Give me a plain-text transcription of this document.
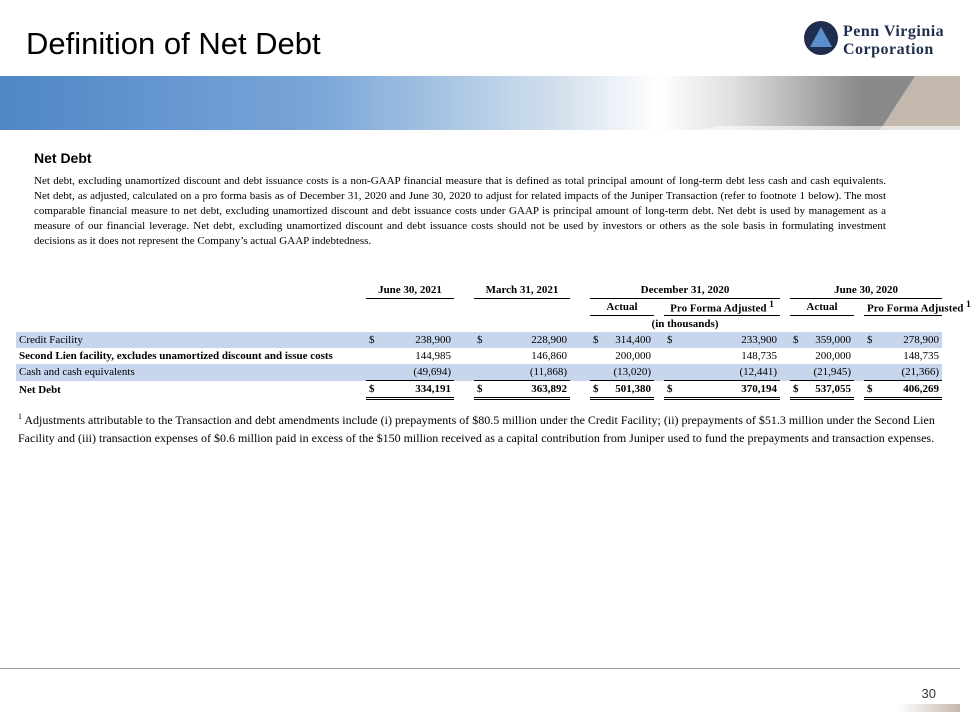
Definition of Net Debt	Penn Virginia
Corporation
Net Debt

Net debt, excluding unamortized discount and debt issuance costs is a non-GAAP financial measure that is defined as total principal amount of long-term debt less cash and cash equivalents. Net debt, as adjusted, calculated on a pro forma basis as of December 31, 2020 and June 30, 2020 to adjust for related impacts of the Juniper Transaction (refer to footnote 1 below). The most comparable financial measure to net debt, excluding unamortized discount and debt issuance costs under GAAP is principal amount of long-term debt. Net debt is used by management as a measure of our financial leverage. Net debt, excluding unamortized discount and debt issuance costs should not be used by investors or others as the sole basis in formulating investment decisions as it does not represent the Company’s actual GAAP indebtedness.

	June 30, 2021			March 31, 2021			December 31, 2020						June 30, 2020				
							Actual			Pro Forma Adjusted $^1$			Actual			Pro Forma Adjusted $^1$
							(in thousands)										
Credit Facility	$	238,900		$	228,900		$	314,400		$	233,900		$	359,000		$	278,900
Second Lien facility, excludes unamortized discount and issue costs		144,985			146,860			200,000			148,735			200,000			148,735
Cash and cash equivalents		(49,694)			(11,868)			(13,020)			(12,441)			(21,945)			(21,366)
Net Debt	$	334,191		$	363,892		$	501,380		$	370,194		$	537,055		$	406,269

$^1$ Adjustments attributable to the Transaction and debt amendments include (i) prepayments of $80.5 million under the Credit Facility; (ii) prepayments of $51.3 million under the Second Lien Facility and (iii) transaction expenses of $0.6 million paid in excess of the $150 million received as a capital contribution from Juniper used to fund the prepayments and transaction expenses.

30
